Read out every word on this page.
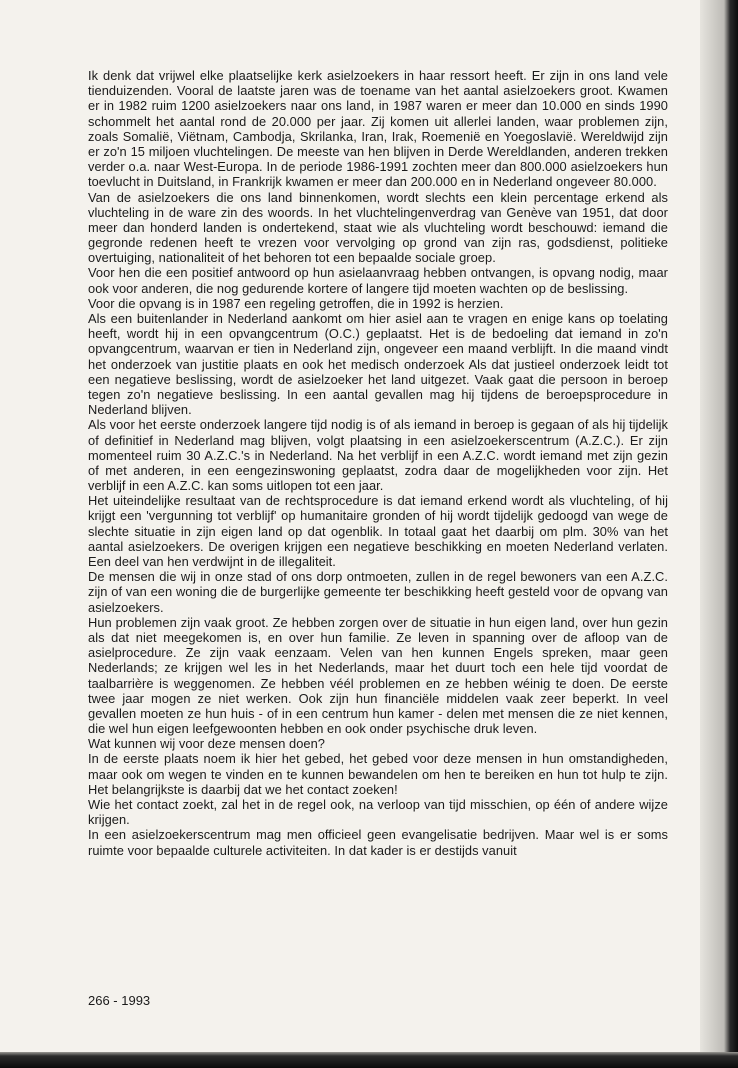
Ik denk dat vrijwel elke plaatselijke kerk asielzoekers in haar ressort heeft. Er zijn in ons land vele tienduizenden. Vooral de laatste jaren was de toename van het aantal asielzoekers groot. Kwamen er in 1982 ruim 1200 asielzoekers naar ons land, in 1987 waren er meer dan 10.000 en sinds 1990 schommelt het aantal rond de 20.000 per jaar. Zij komen uit allerlei landen, waar problemen zijn, zoals Somalië, Viëtnam, Cambodja, Skrilanka, Iran, Irak, Roemenië en Yoegoslavië. Wereldwijd zijn er zo'n 15 miljoen vluchtelingen. De meeste van hen blijven in Derde Wereldlanden, anderen trekken verder o.a. naar West-Europa. In de periode 1986-1991 zochten meer dan 800.000 asielzoekers hun toevlucht in Duitsland, in Frankrijk kwamen er meer dan 200.000 en in Nederland ongeveer 80.000.

Van de asielzoekers die ons land binnenkomen, wordt slechts een klein percentage erkend als vluchteling in de ware zin des woords. In het vluchtelingenverdrag van Genève van 1951, dat door meer dan honderd landen is ondertekend, staat wie als vluchteling wordt beschouwd: iemand die gegronde redenen heeft te vrezen voor vervolging op grond van zijn ras, godsdienst, politieke overtuiging, nationaliteit of het behoren tot een bepaalde sociale groep.

Voor hen die een positief antwoord op hun asielaanvraag hebben ontvangen, is opvang nodig, maar ook voor anderen, die nog gedurende kortere of langere tijd moeten wachten op de beslissing.

Voor die opvang is in 1987 een regeling getroffen, die in 1992 is herzien.

Als een buitenlander in Nederland aankomt om hier asiel aan te vragen en enige kans op toelating heeft, wordt hij in een opvangcentrum (O.C.) geplaatst. Het is de bedoeling dat iemand in zo'n opvangcentrum, waarvan er tien in Nederland zijn, ongeveer een maand verblijft. In die maand vindt het onderzoek van justitie plaats en ook het medisch onderzoek Als dat justieel onderzoek leidt tot een negatieve beslissing, wordt de asielzoeker het land uitgezet. Vaak gaat die persoon in beroep tegen zo'n negatieve beslissing. In een aantal gevallen mag hij tijdens de beroepsprocedure in Nederland blijven.

Als voor het eerste onderzoek langere tijd nodig is of als iemand in beroep is gegaan of als hij tijdelijk of definitief in Nederland mag blijven, volgt plaatsing in een asielzoekerscentrum (A.Z.C.). Er zijn momenteel ruim 30 A.Z.C.'s in Nederland. Na het verblijf in een A.Z.C. wordt iemand met zijn gezin of met anderen, in een eengezinswoning geplaatst, zodra daar de mogelijkheden voor zijn. Het verblijf in een A.Z.C. kan soms uitlopen tot een jaar.

Het uiteindelijke resultaat van de rechtsprocedure is dat iemand erkend wordt als vluchteling, of hij krijgt een 'vergunning tot verblijf' op humanitaire gronden of hij wordt tijdelijk gedoogd van wege de slechte situatie in zijn eigen land op dat ogenblik. In totaal gaat het daarbij om plm. 30% van het aantal asielzoekers. De overigen krijgen een negatieve beschikking en moeten Nederland verlaten. Een deel van hen verdwijnt in de illegaliteit.

De mensen die wij in onze stad of ons dorp ontmoeten, zullen in de regel bewoners van een A.Z.C. zijn of van een woning die de burgerlijke gemeente ter beschikking heeft gesteld voor de opvang van asielzoekers.

Hun problemen zijn vaak groot. Ze hebben zorgen over de situatie in hun eigen land, over hun gezin als dat niet meegekomen is, en over hun familie. Ze leven in spanning over de afloop van de asielprocedure. Ze zijn vaak eenzaam. Velen van hen kunnen Engels spreken, maar geen Nederlands; ze krijgen wel les in het Nederlands, maar het duurt toch een hele tijd voordat de taalbarrière is weggenomen. Ze hebben véél problemen en ze hebben wéinig te doen. De eerste twee jaar mogen ze niet werken. Ook zijn hun financiële middelen vaak zeer beperkt. In veel gevallen moeten ze hun huis - of in een centrum hun kamer - delen met mensen die ze niet kennen, die wel hun eigen leefgewoonten hebben en ook onder psychische druk leven.

Wat kunnen wij voor deze mensen doen?

In de eerste plaats noem ik hier het gebed, het gebed voor deze mensen in hun omstandigheden, maar ook om wegen te vinden en te kunnen bewandelen om hen te bereiken en hun tot hulp te zijn. Het belangrijkste is daarbij dat we het contact zoeken!

Wie het contact zoekt, zal het in de regel ook, na verloop van tijd misschien, op één of andere wijze krijgen.

In een asielzoekerscentrum mag men officieel geen evangelisatie bedrijven. Maar wel is er soms ruimte voor bepaalde culturele activiteiten. In dat kader is er destijds vanuit

266 - 1993
